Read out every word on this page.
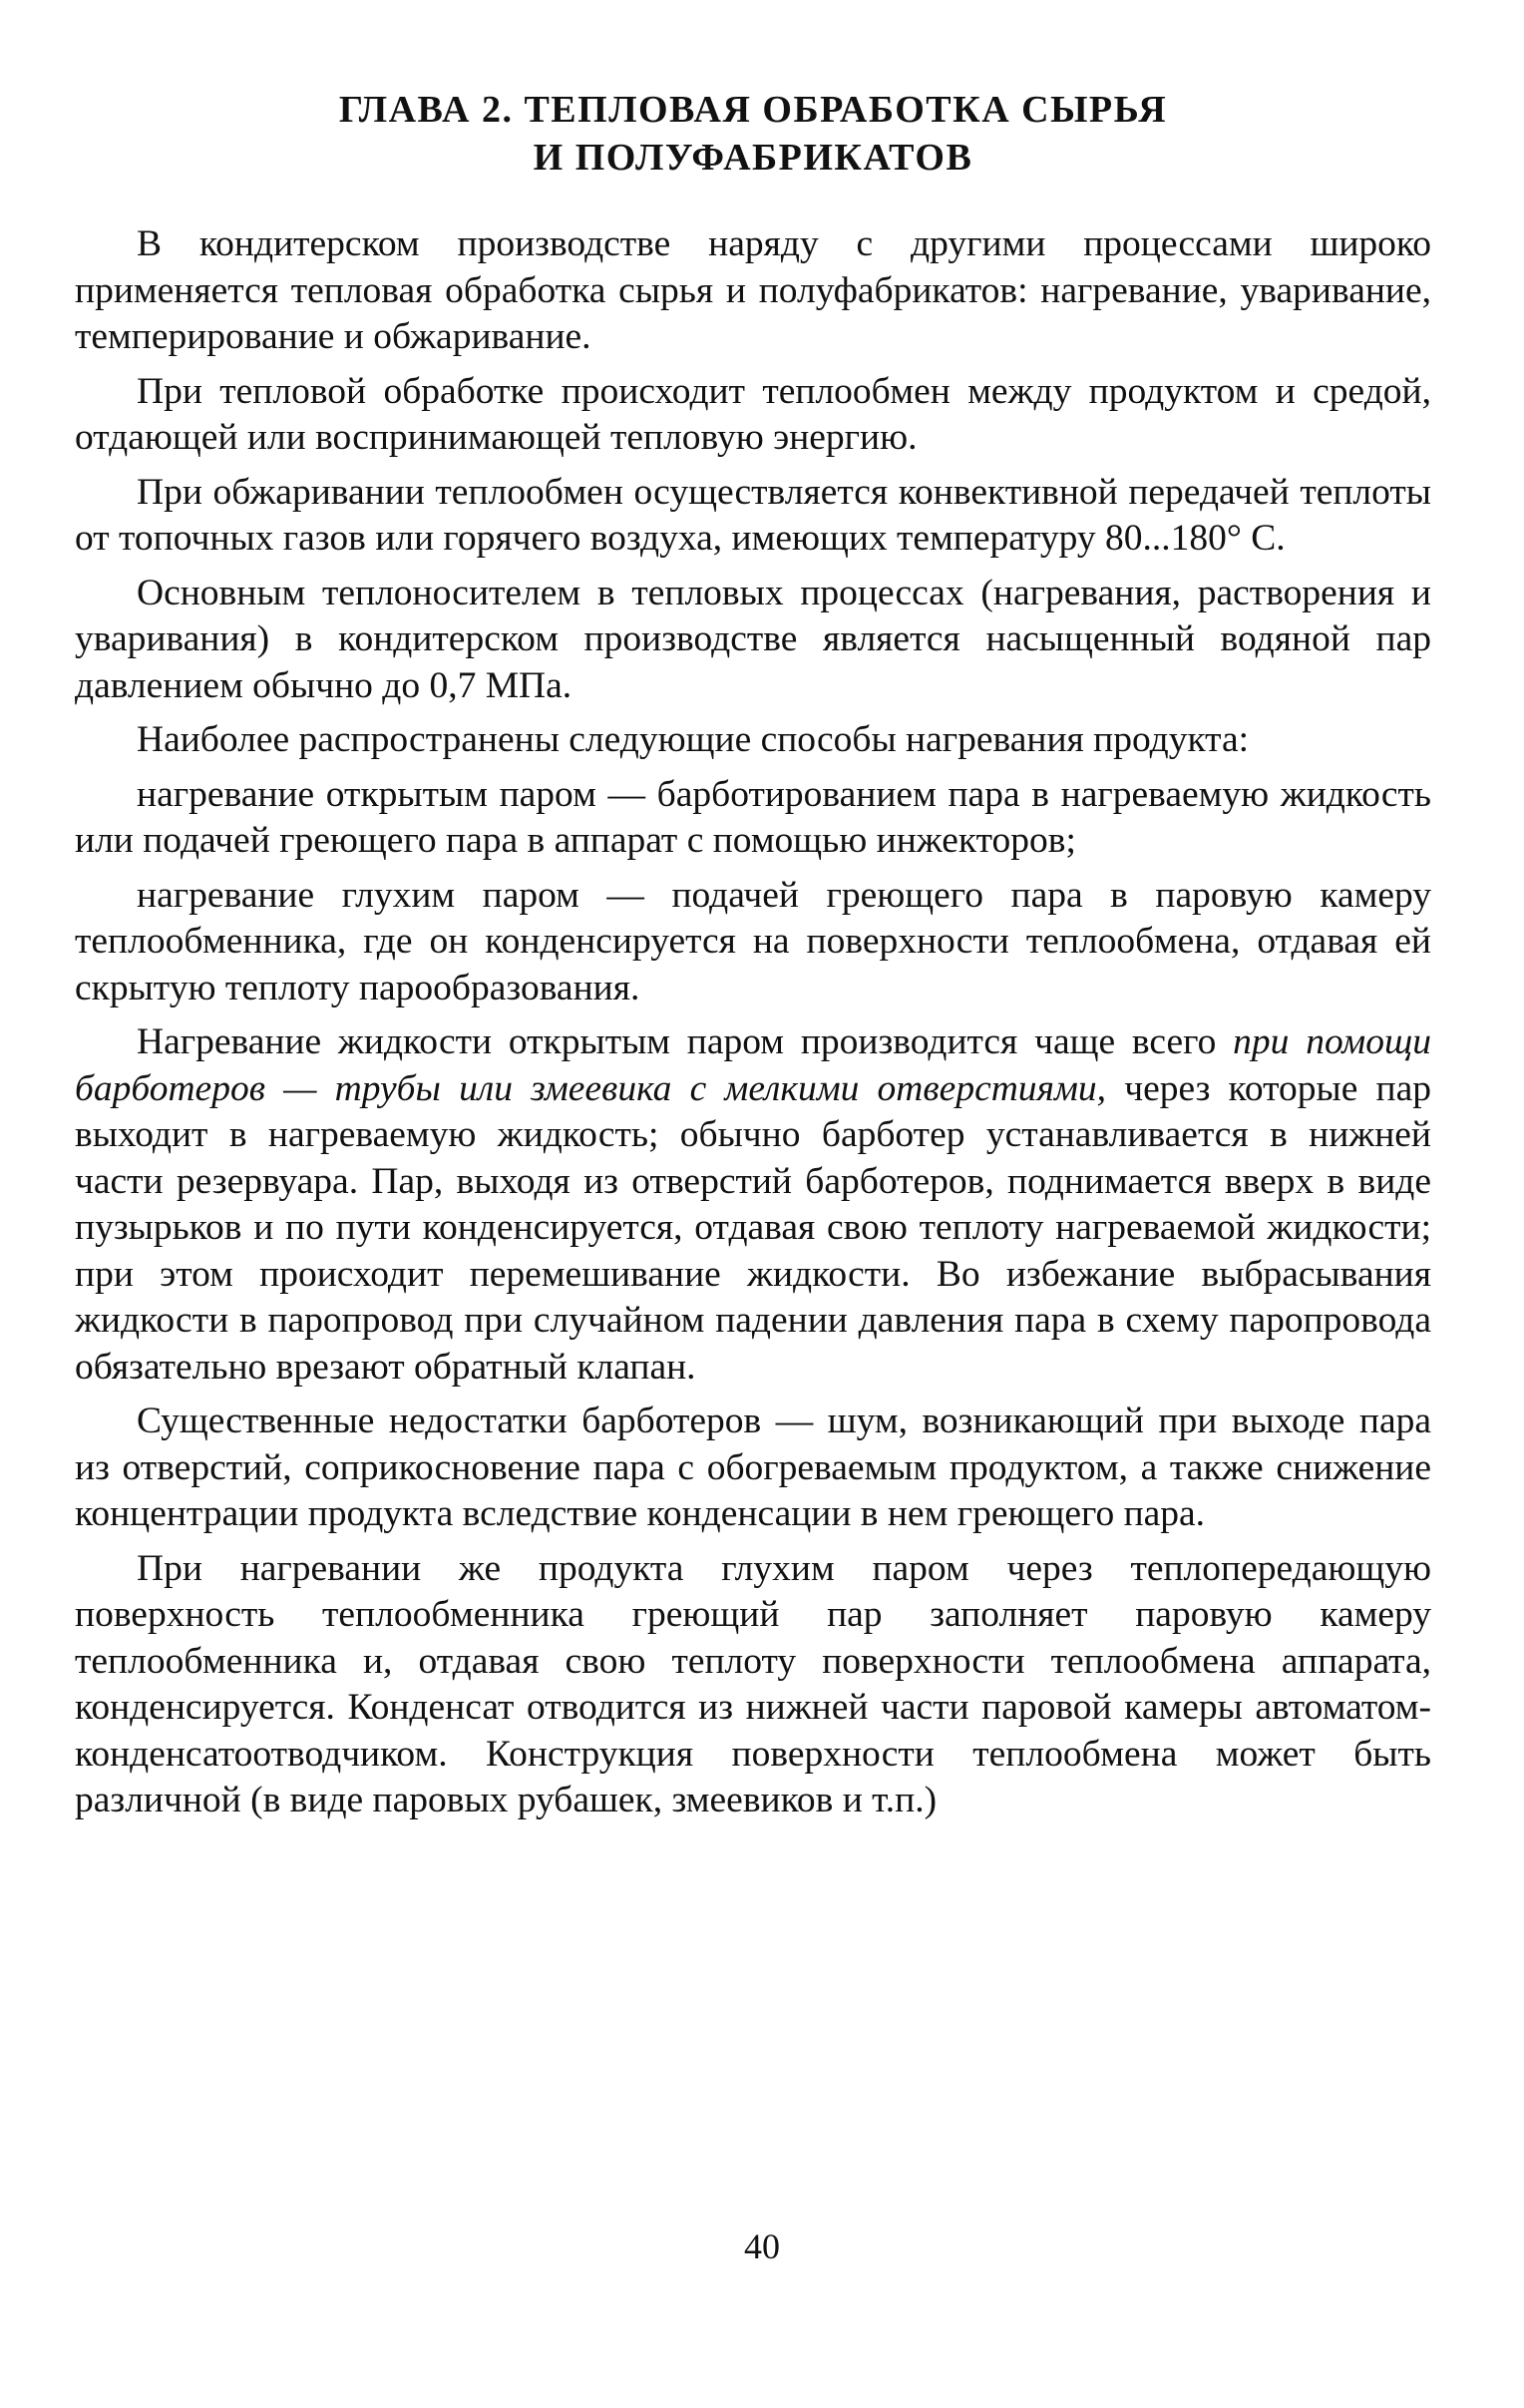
ГЛАВА 2. ТЕПЛОВАЯ ОБРАБОТКА СЫРЬЯ
И ПОЛУФАБРИКАТОВ

В кондитерском производстве наряду с другими процессами широко применяется тепловая обработка сырья и полуфабрикатов: нагревание, уваривание, темперирование и обжаривание.

При тепловой обработке происходит теплообмен между продуктом и средой, отдающей или воспринимающей тепловую энергию.

При обжаривании теплообмен осуществляется конвективной передачей теплоты от топочных газов или горячего воздуха, имеющих температуру 80...180° С.

Основным теплоносителем в тепловых процессах (нагревания, растворения и уваривания) в кондитерском производстве является насыщенный водяной пар давлением обычно до 0,7 МПа.

Наиболее распространены следующие способы нагревания продукта:

нагревание открытым паром — барботированием пара в нагреваемую жидкость или подачей греющего пара в аппарат с помощью инжекторов;

нагревание глухим паром — подачей греющего пара в паровую камеру теплообменника, где он конденсируется на поверхности теплообмена, отдавая ей скрытую теплоту парообразования.

Нагревание жидкости открытым паром производится чаще всего при помощи барботеров — трубы или змеевика с мелкими отверстиями, через которые пар выходит в нагреваемую жидкость; обычно барботер устанавливается в нижней части резервуара. Пар, выходя из отверстий барботеров, поднимается вверх в виде пузырьков и по пути конденсируется, отдавая свою теплоту нагреваемой жидкости; при этом происходит перемешивание жидкости. Во избежание выбрасывания жидкости в паропровод при случайном падении давления пара в схему паропровода обязательно врезают обратный клапан.

Существенные недостатки барботеров — шум, возникающий при выходе пара из отверстий, соприкосновение пара с обогреваемым продуктом, а также снижение концентрации продукта вследствие конденсации в нем греющего пара.

При нагревании же продукта глухим паром через теплопередающую поверхность теплообменника греющий пар заполняет паровую камеру теплообменника и, отдавая свою теплоту поверхности теплообмена аппарата, конденсируется. Конденсат отводится из нижней части паровой камеры автоматом-конденсатоотводчиком. Конструкция поверхности теплообмена может быть различной (в виде паровых рубашек, змеевиков и т.п.)

40
